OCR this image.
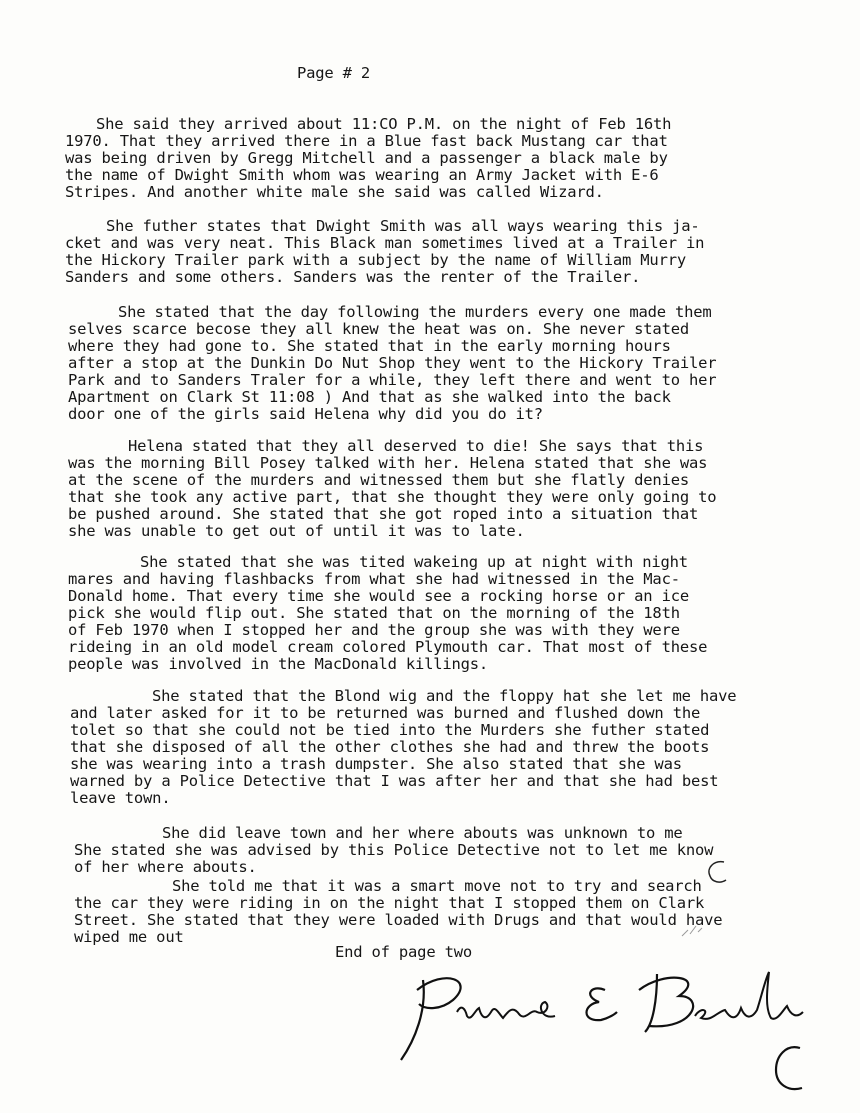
Page # 2
She said they arrived about 11:CO P.M. on the night of Feb 16th
1970. That they arrived there in a Blue fast back Mustang car that
was being driven by Gregg Mitchell and a passenger a black male by
the name of Dwight Smith whom was wearing an Army Jacket with E-6
Stripes. And another white male she said was called Wizard.
She futher states that Dwight Smith was all ways wearing this ja-
cket and was very neat. This Black man sometimes lived at a Trailer in
the Hickory Trailer park with a subject by the name of William Murry
Sanders and some others. Sanders was the renter of the Trailer.
She stated that the day following the murders every one made them
selves scarce becose they all knew the heat was on. She never stated
where they had gone to. She stated that in the early morning hours
after a stop at the Dunkin Do Nut Shop they went to the Hickory Trailer
Park and to Sanders Traler for a while, they left there and went to her
Apartment on Clark St 11:08 ) And that as she walked into the back
door one of the girls said Helena why did you do it?
Helena stated that they all deserved to die! She says that this
was the morning Bill Posey talked with her. Helena stated that she was
at the scene of the murders and witnessed them but she flatly denies
that she took any active part, that she thought they were only going to
be pushed around. She stated that she got roped into a situation that
she was unable to get out of until it was to late.
She stated that she was tited wakeing up at night with night
mares and having flashbacks from what she had witnessed in the Mac-
Donald home. That every time she would see a rocking horse or an ice
pick she would flip out. She stated that on the morning of the 18th
of Feb 1970 when I stopped her and the group she was with they were
rideing in an old model cream colored Plymouth car. That most of these
people was involved in the MacDonald killings.
She stated that the Blond wig and the floppy hat she let me have
and later asked for it to be returned was burned and flushed down the
tolet so that she could not be tied into the Murders she futher stated
that she disposed of all the other clothes she had and threw the boots
she was wearing into a trash dumpster. She also stated that she was
warned by a Police Detective that I was after her and that she had best
leave town.
She did leave town and her where abouts was unknown to me
She stated she was advised by this Police Detective not to let me know
of her where abouts.
She told me that it was a smart move not to try and search
the car they were riding in on the night that I stopped them on Clark
Street. She stated that they were loaded with Drugs and that would have
wiped me out
End of page two
